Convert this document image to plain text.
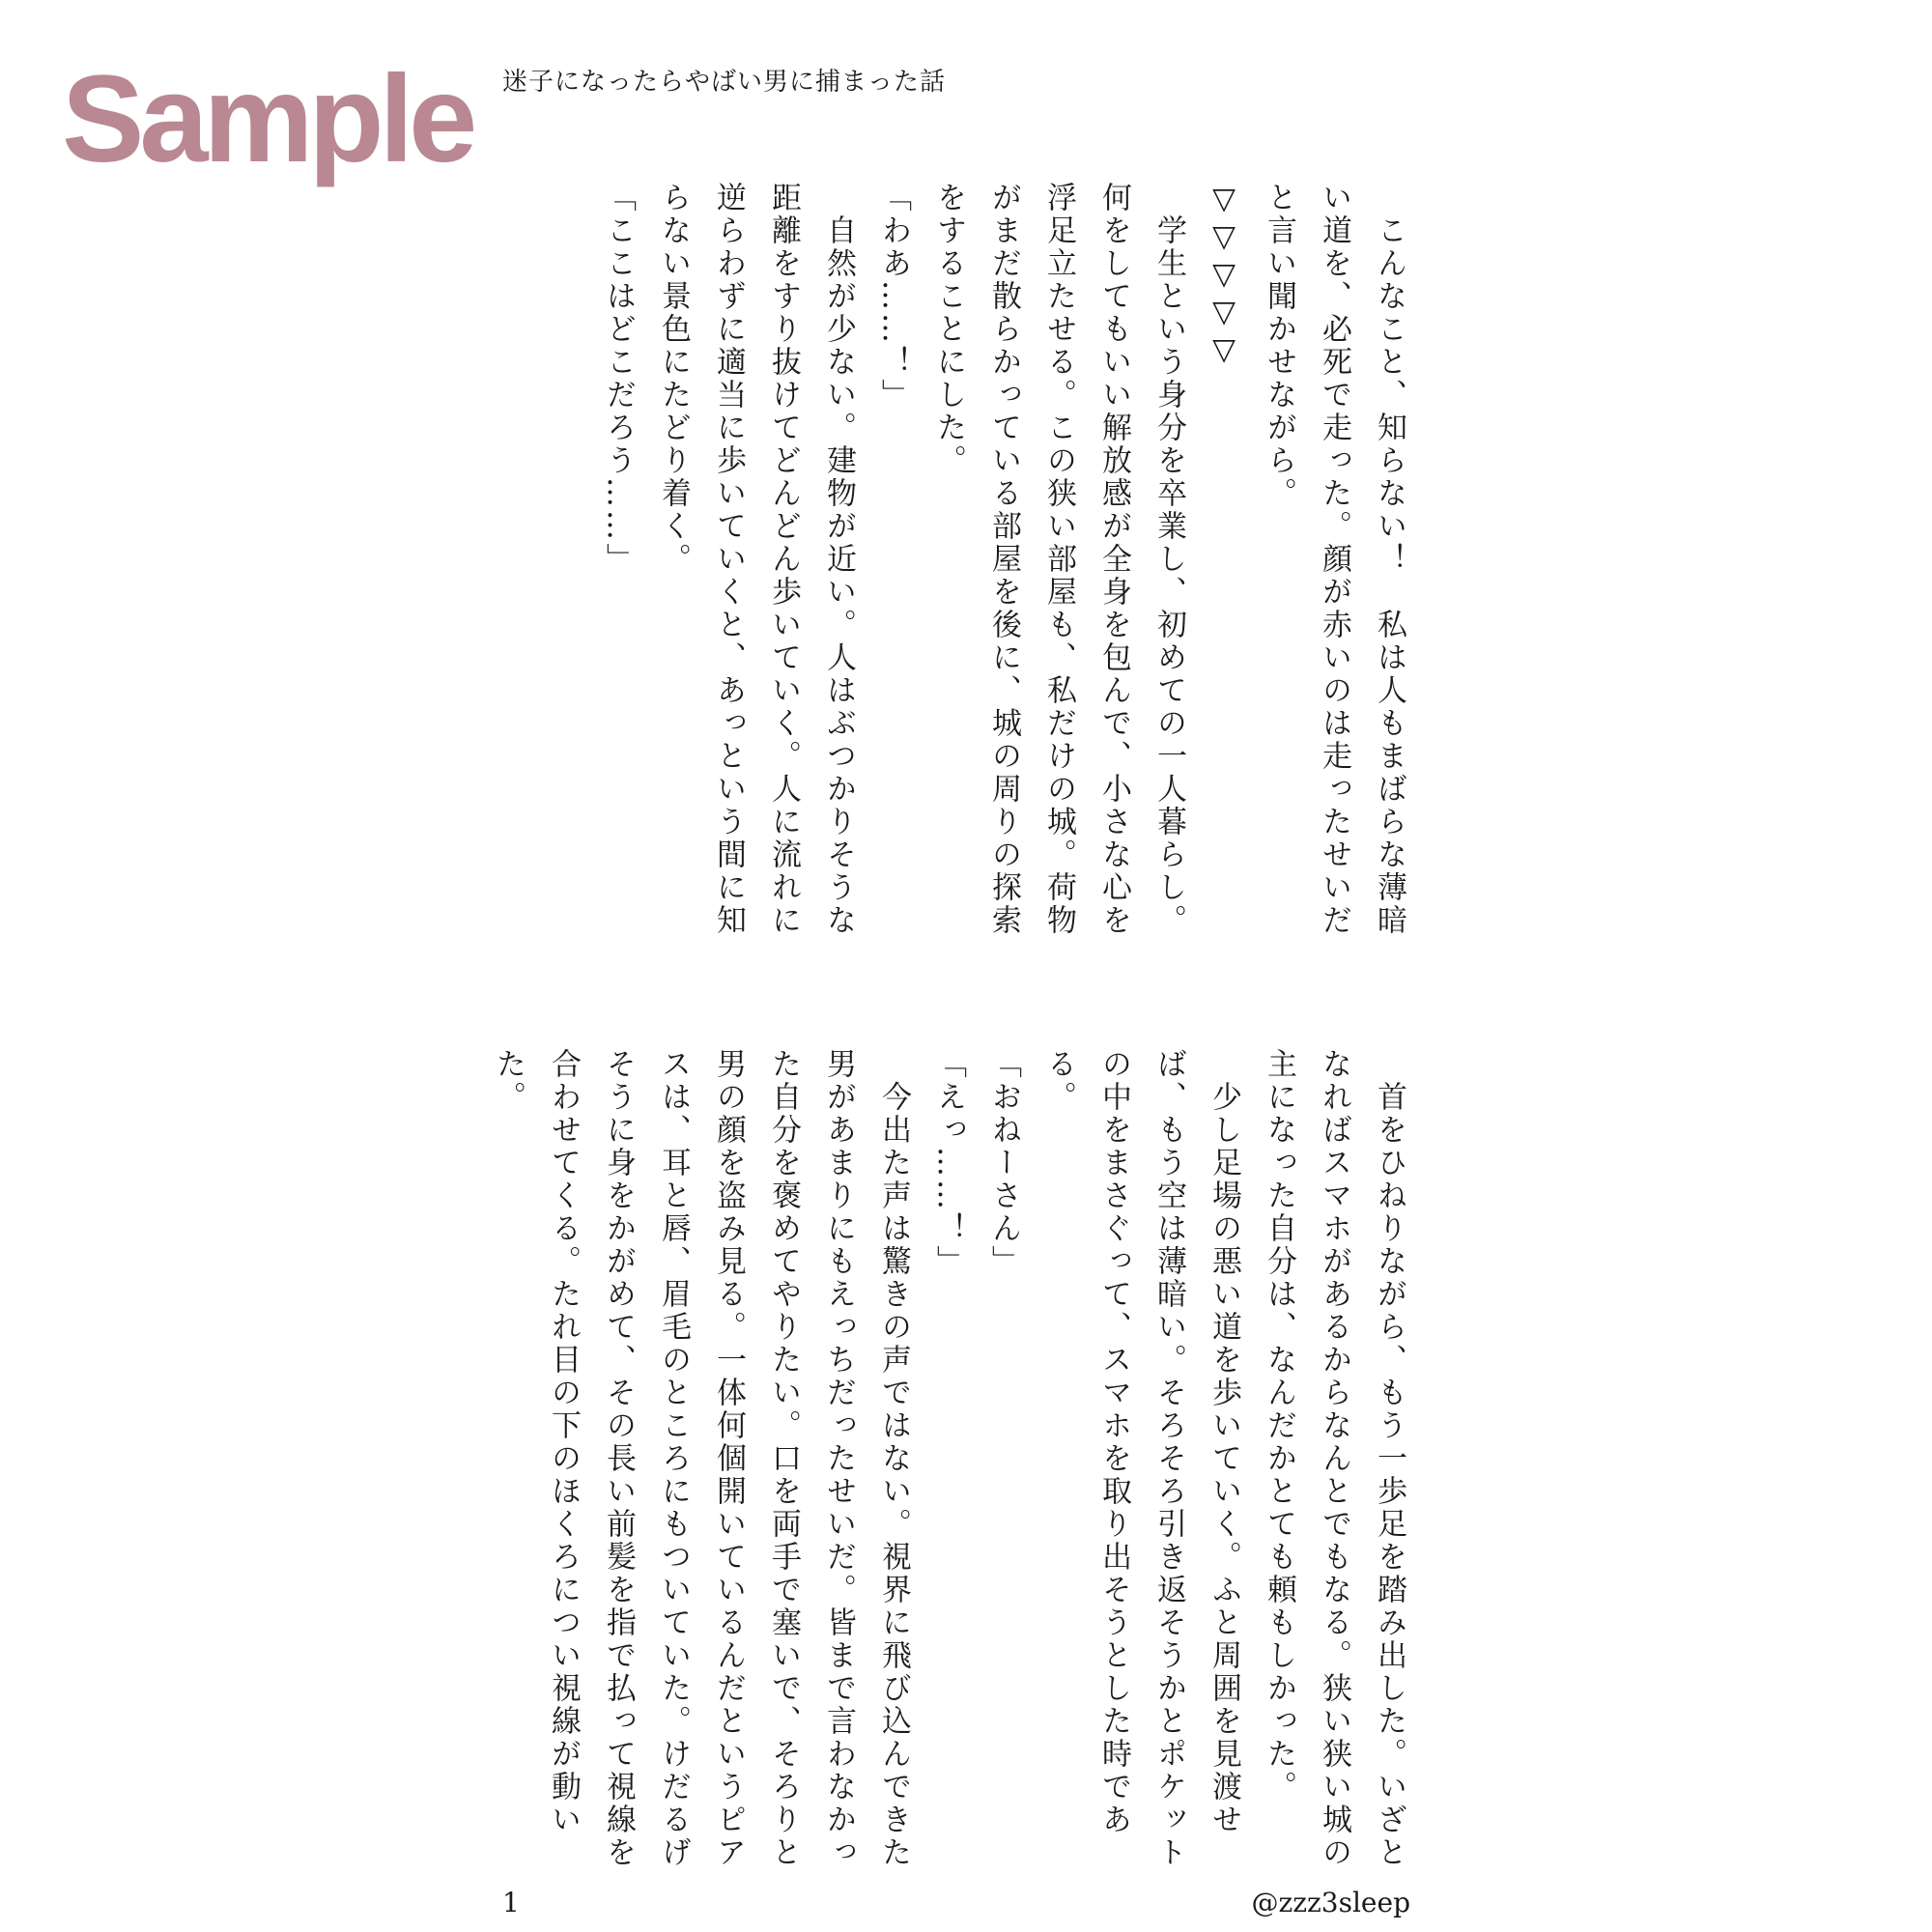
Sample 迷子になったらやばい男に捕まった話

　こんなこと、知らない！　私は人もまばらな薄暗い道を、必死で走った。顔が赤いのは走ったせいだと言い聞かせながら。

▽▽▽▽▽

　学生という身分を卒業し、初めての一人暮らし。何をしてもいい解放感が全身を包んで、小さな心を浮足立たせる。この狭い部屋も、私だけの城。荷物がまだ散らかっている部屋を後に、城の周りの探索をすることにした。

「わあ……！」

　自然が少ない。建物が近い。人はぶつかりそうな距離をすり抜けてどんどん歩いていく。人に流れに逆らわずに適当に歩いていくと、あっという間に知らない景色にたどり着く。

「ここはどこだろう……」

　首をひねりながら、もう一歩足を踏み出した。いざとなればスマホがあるからなんとでもなる。狭い狭い城の主になった自分は、なんだかとても頼もしかった。

　少し足場の悪い道を歩いていく。ふと周囲を見渡せば、もう空は薄暗い。そろそろ引き返そうかとポケットの中をまさぐって、スマホを取り出そうとした時である。

「おねーさん」

「えっ……！」

　今出た声は驚きの声ではない。視界に飛び込んできた男があまりにもえっちだったせいだ。皆まで言わなかった自分を褒めてやりたい。口を両手で塞いで、そろりと男の顔を盗み見る。一体何個開いているんだというピアスは、耳と唇、眉毛のところにもついていた。けだるげそうに身をかがめて、その長い前髪を指で払って視線を合わせてくる。たれ目の下のほくろについ視線が動いた。

1	@zzz3sleep
